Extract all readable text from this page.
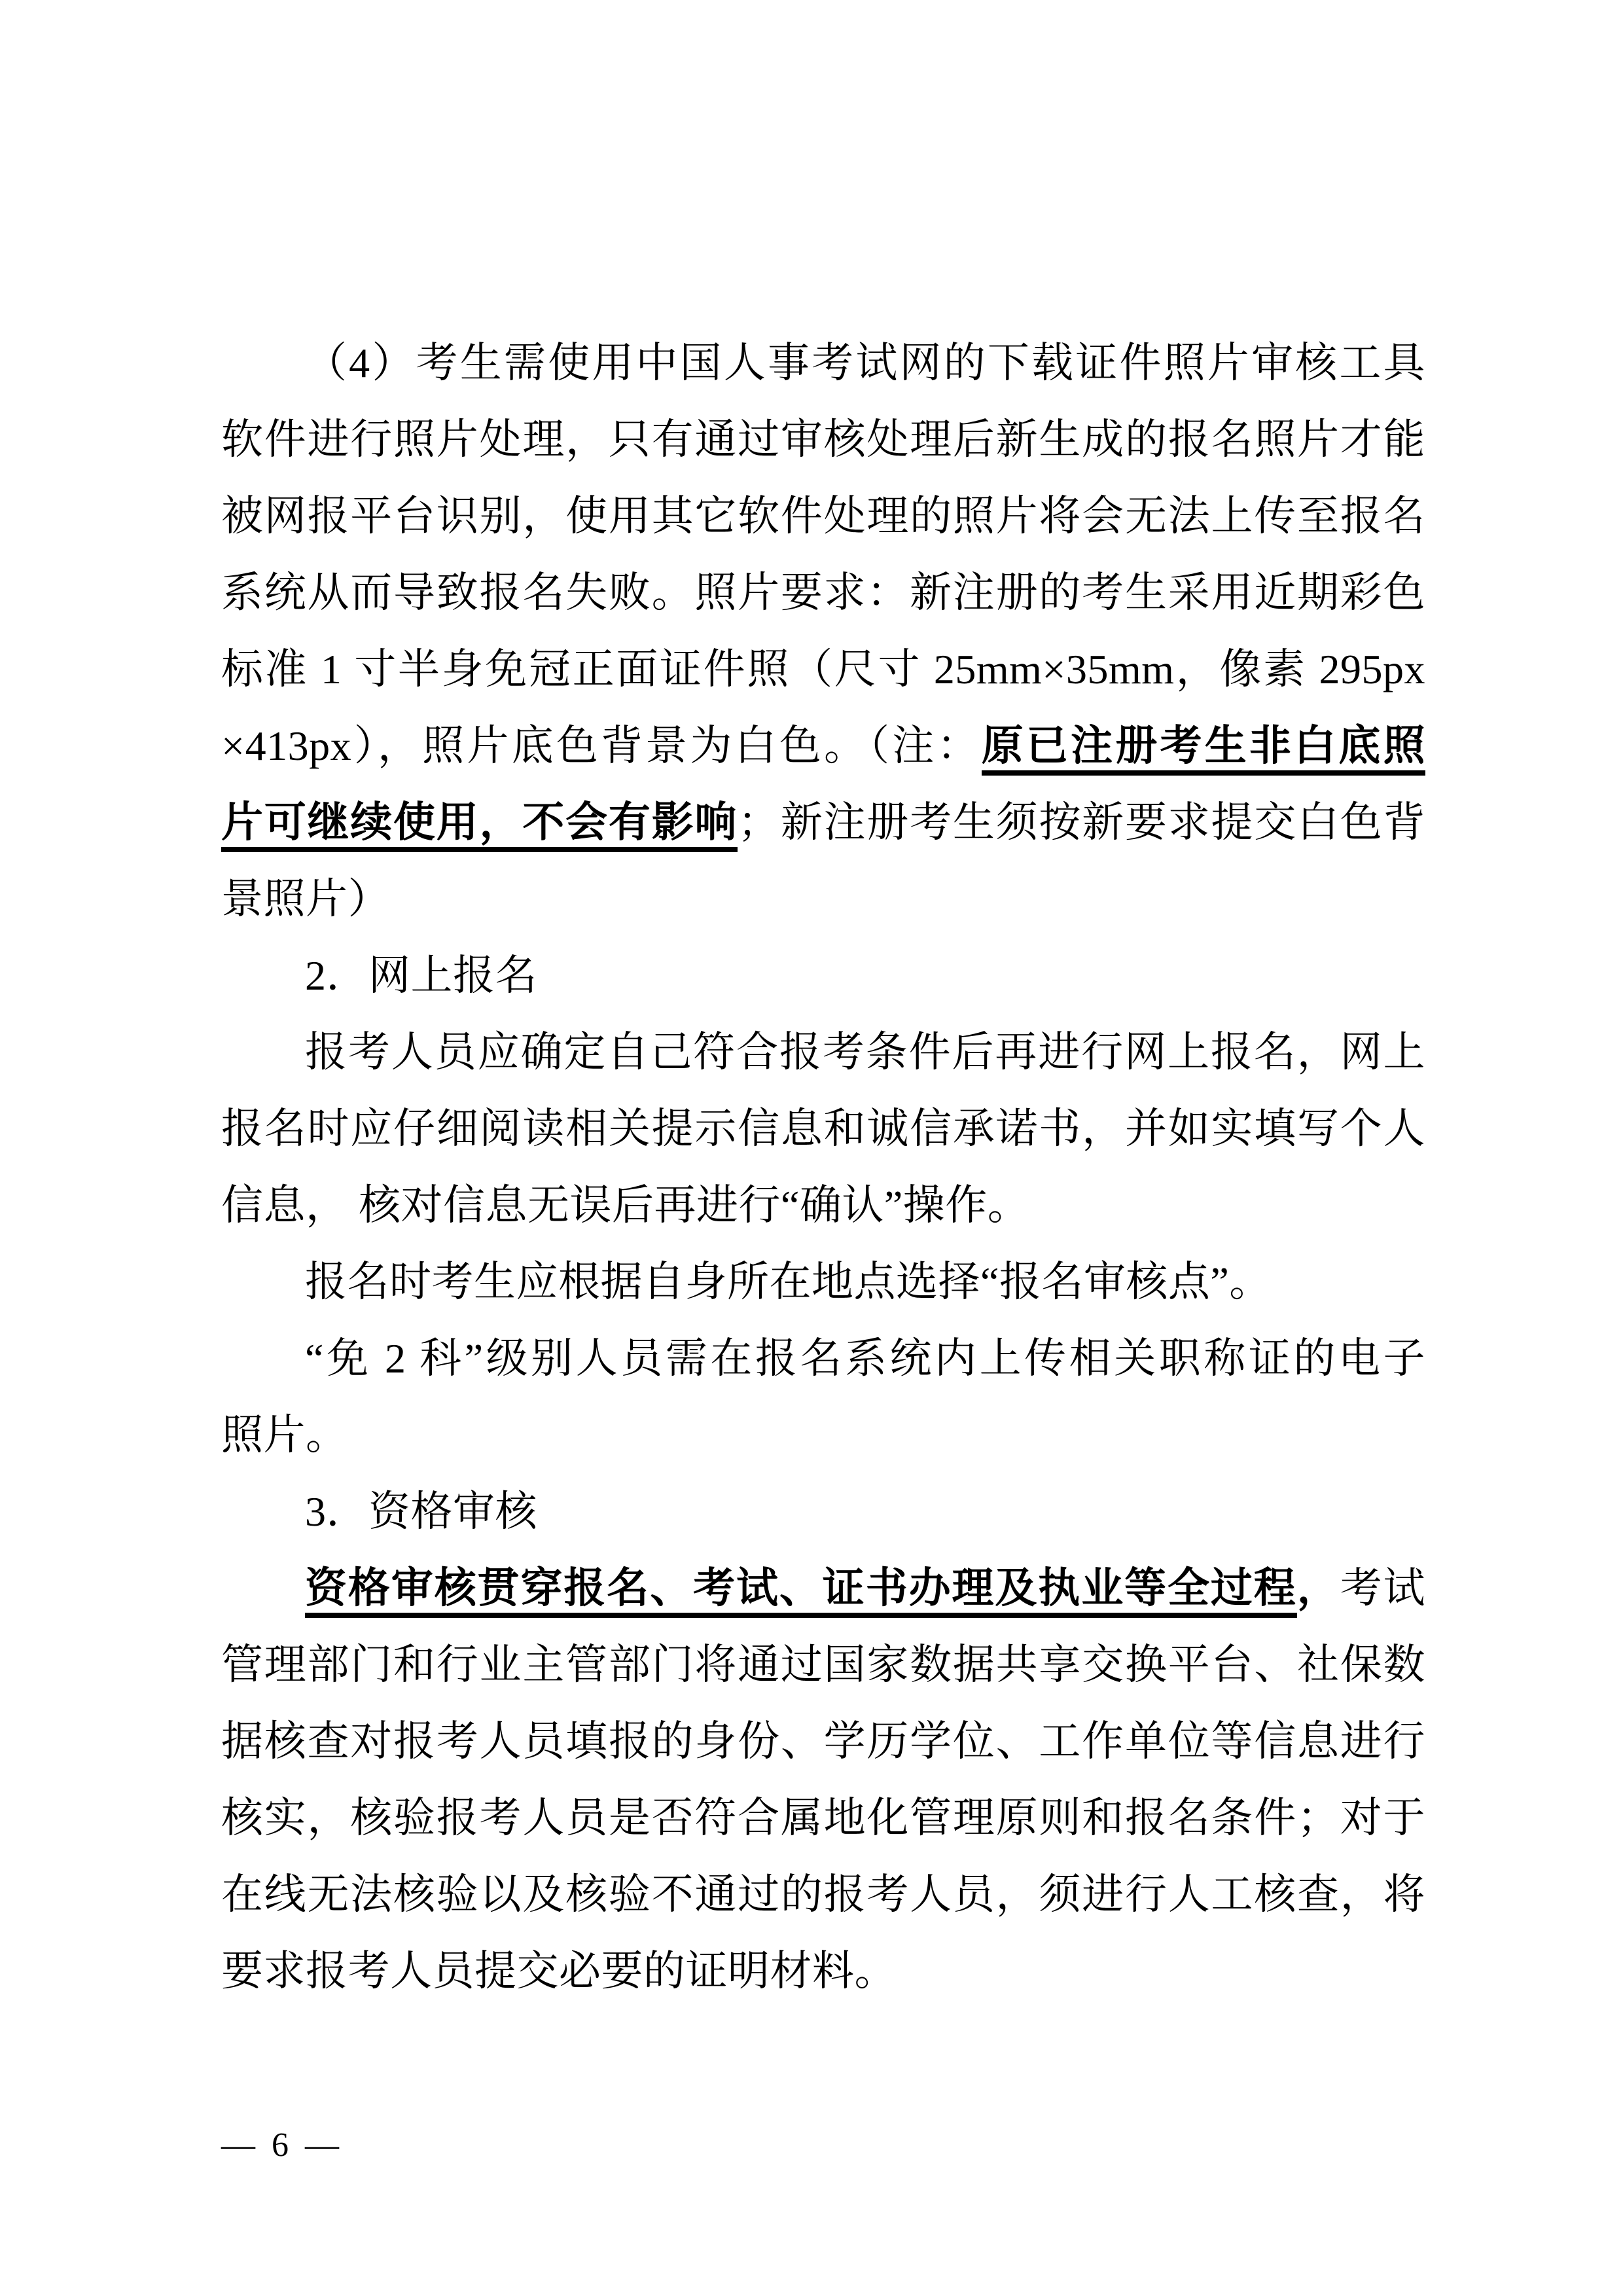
（4）考生需使用中国人事考试网的下载证件照片审核工具
软件进行照片处理，只有通过审核处理后新生成的报名照片才能
被网报平台识别，使用其它软件处理的照片将会无法上传至报名
系统从而导致报名失败。照片要求：新注册的考生采用近期彩色
标准 1 寸半身免冠正面证件照（尺寸 25mm×35mm，像素 295px
×413px），照片底色背景为白色。（注：原已注册考生非白底照
片可继续使用，不会有影响；新注册考生须按新要求提交白色背
景照片）
2．网上报名
报考人员应确定自己符合报考条件后再进行网上报名，网上
报名时应仔细阅读相关提示信息和诚信承诺书，并如实填写个人
信息， 核对信息无误后再进行“确认”操作。
报名时考生应根据自身所在地点选择“报名审核点”。
“免 2 科”级别人员需在报名系统内上传相关职称证的电子
照片。
3．资格审核
资格审核贯穿报名、考试、证书办理及执业等全过程，考试
管理部门和行业主管部门将通过国家数据共享交换平台、社保数
据核查对报考人员填报的身份、学历学位、工作单位等信息进行
核实，核验报考人员是否符合属地化管理原则和报名条件；对于
在线无法核验以及核验不通过的报考人员，须进行人工核查，将
要求报考人员提交必要的证明材料。
— 6 —
